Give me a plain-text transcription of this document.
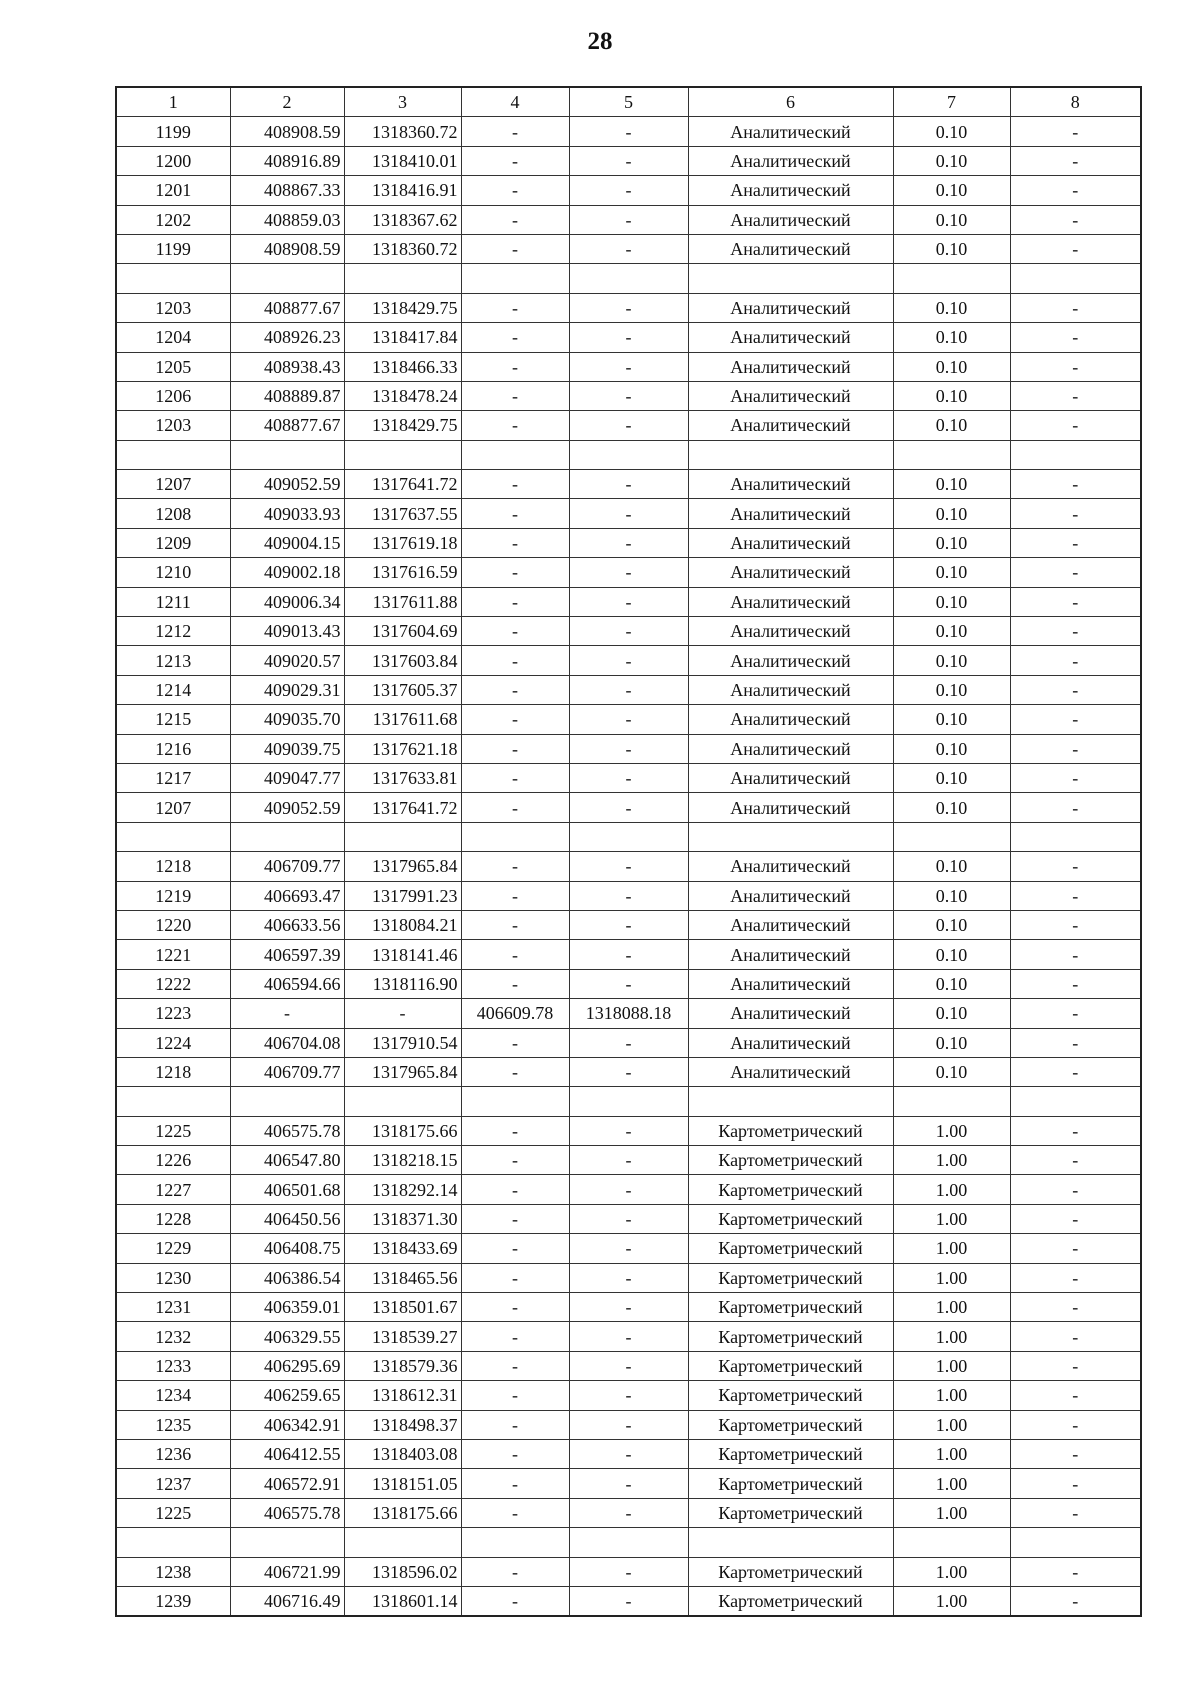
28
1	2	3	4	5	6	7	8
1199	408908.59	1318360.72	-	-	Аналитический	0.10	-
1200	408916.89	1318410.01	-	-	Аналитический	0.10	-
1201	408867.33	1318416.91	-	-	Аналитический	0.10	-
1202	408859.03	1318367.62	-	-	Аналитический	0.10	-
1199	408908.59	1318360.72	-	-	Аналитический	0.10	-

1203	408877.67	1318429.75	-	-	Аналитический	0.10	-
1204	408926.23	1318417.84	-	-	Аналитический	0.10	-
1205	408938.43	1318466.33	-	-	Аналитический	0.10	-
1206	408889.87	1318478.24	-	-	Аналитический	0.10	-
1203	408877.67	1318429.75	-	-	Аналитический	0.10	-

1207	409052.59	1317641.72	-	-	Аналитический	0.10	-
1208	409033.93	1317637.55	-	-	Аналитический	0.10	-
1209	409004.15	1317619.18	-	-	Аналитический	0.10	-
1210	409002.18	1317616.59	-	-	Аналитический	0.10	-
1211	409006.34	1317611.88	-	-	Аналитический	0.10	-
1212	409013.43	1317604.69	-	-	Аналитический	0.10	-
1213	409020.57	1317603.84	-	-	Аналитический	0.10	-
1214	409029.31	1317605.37	-	-	Аналитический	0.10	-
1215	409035.70	1317611.68	-	-	Аналитический	0.10	-
1216	409039.75	1317621.18	-	-	Аналитический	0.10	-
1217	409047.77	1317633.81	-	-	Аналитический	0.10	-
1207	409052.59	1317641.72	-	-	Аналитический	0.10	-

1218	406709.77	1317965.84	-	-	Аналитический	0.10	-
1219	406693.47	1317991.23	-	-	Аналитический	0.10	-
1220	406633.56	1318084.21	-	-	Аналитический	0.10	-
1221	406597.39	1318141.46	-	-	Аналитический	0.10	-
1222	406594.66	1318116.90	-	-	Аналитический	0.10	-
1223	-	-	406609.78	1318088.18	Аналитический	0.10	-
1224	406704.08	1317910.54	-	-	Аналитический	0.10	-
1218	406709.77	1317965.84	-	-	Аналитический	0.10	-

1225	406575.78	1318175.66	-	-	Картометрический	1.00	-
1226	406547.80	1318218.15	-	-	Картометрический	1.00	-
1227	406501.68	1318292.14	-	-	Картометрический	1.00	-
1228	406450.56	1318371.30	-	-	Картометрический	1.00	-
1229	406408.75	1318433.69	-	-	Картометрический	1.00	-
1230	406386.54	1318465.56	-	-	Картометрический	1.00	-
1231	406359.01	1318501.67	-	-	Картометрический	1.00	-
1232	406329.55	1318539.27	-	-	Картометрический	1.00	-
1233	406295.69	1318579.36	-	-	Картометрический	1.00	-
1234	406259.65	1318612.31	-	-	Картометрический	1.00	-
1235	406342.91	1318498.37	-	-	Картометрический	1.00	-
1236	406412.55	1318403.08	-	-	Картометрический	1.00	-
1237	406572.91	1318151.05	-	-	Картометрический	1.00	-
1225	406575.78	1318175.66	-	-	Картометрический	1.00	-

1238	406721.99	1318596.02	-	-	Картометрический	1.00	-
1239	406716.49	1318601.14	-	-	Картометрический	1.00	-
